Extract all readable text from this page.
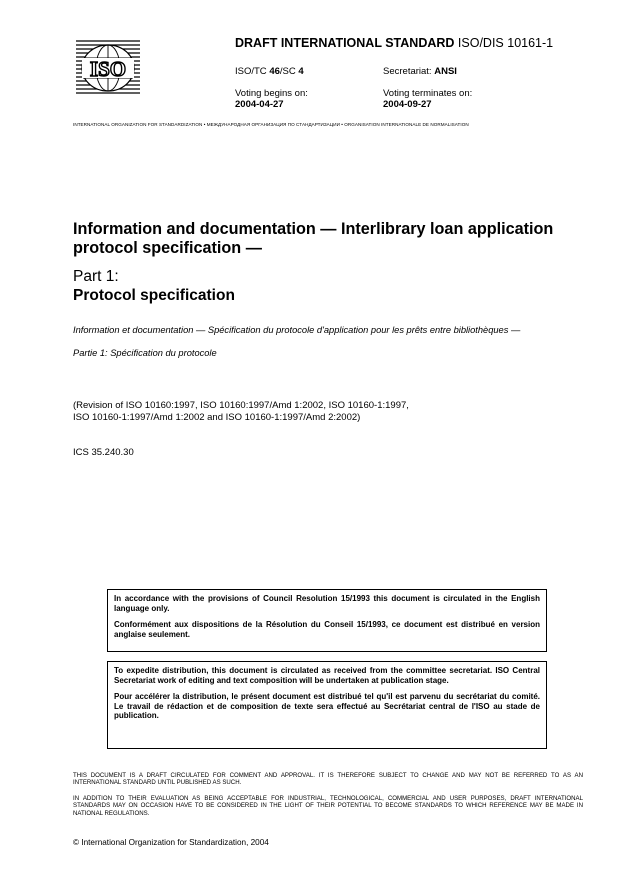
ISO
DRAFT INTERNATIONAL STANDARD ISO/DIS 10161-1
ISO/TC 46/SC 4	Secretariat: ANSI
Voting begins on:
2004-04-27
Voting terminates on:
2004-09-27
INTERNATIONAL ORGANIZATION FOR STANDARDIZATION • МЕЖДУНАРОДНАЯ ОРГАНИЗАЦИЯ ПО СТАНДАРТИЗАЦИИ • ORGANISATION INTERNATIONALE DE NORMALISATION
Information and documentation — Interlibrary loan application protocol specification —
Part 1:
Protocol specification
Information et documentation — Spécification du protocole d'application pour les prêts entre bibliothèques —
Partie 1: Spécification du protocole
(Revision of ISO 10160:1997, ISO 10160:1997/Amd 1:2002, ISO 10160-1:1997,
ISO 10160-1:1997/Amd 1:2002 and ISO 10160-1:1997/Amd 2:2002)
ICS 35.240.30

In accordance with the provisions of Council Resolution 15/1993 this document is circulated in the English language only.

Conformément aux dispositions de la Résolution du Conseil 15/1993, ce document est distribué en version anglaise seulement.

To expedite distribution, this document is circulated as received from the committee secretariat. ISO Central Secretariat work of editing and text composition will be undertaken at publication stage.

Pour accélérer la distribution, le présent document est distribué tel qu'il est parvenu du secrétariat du comité. Le travail de rédaction et de composition de texte sera effectué au Secrétariat central de l'ISO au stade de publication.

THIS DOCUMENT IS A DRAFT CIRCULATED FOR COMMENT AND APPROVAL. IT IS THEREFORE SUBJECT TO CHANGE AND MAY NOT BE REFERRED TO AS AN INTERNATIONAL STANDARD UNTIL PUBLISHED AS SUCH.
IN ADDITION TO THEIR EVALUATION AS BEING ACCEPTABLE FOR INDUSTRIAL, TECHNOLOGICAL, COMMERCIAL AND USER PURPOSES, DRAFT INTERNATIONAL STANDARDS MAY ON OCCASION HAVE TO BE CONSIDERED IN THE LIGHT OF THEIR POTENTIAL TO BECOME STANDARDS TO WHICH REFERENCE MAY BE MADE IN NATIONAL REGULATIONS.
© International Organization for Standardization, 2004
